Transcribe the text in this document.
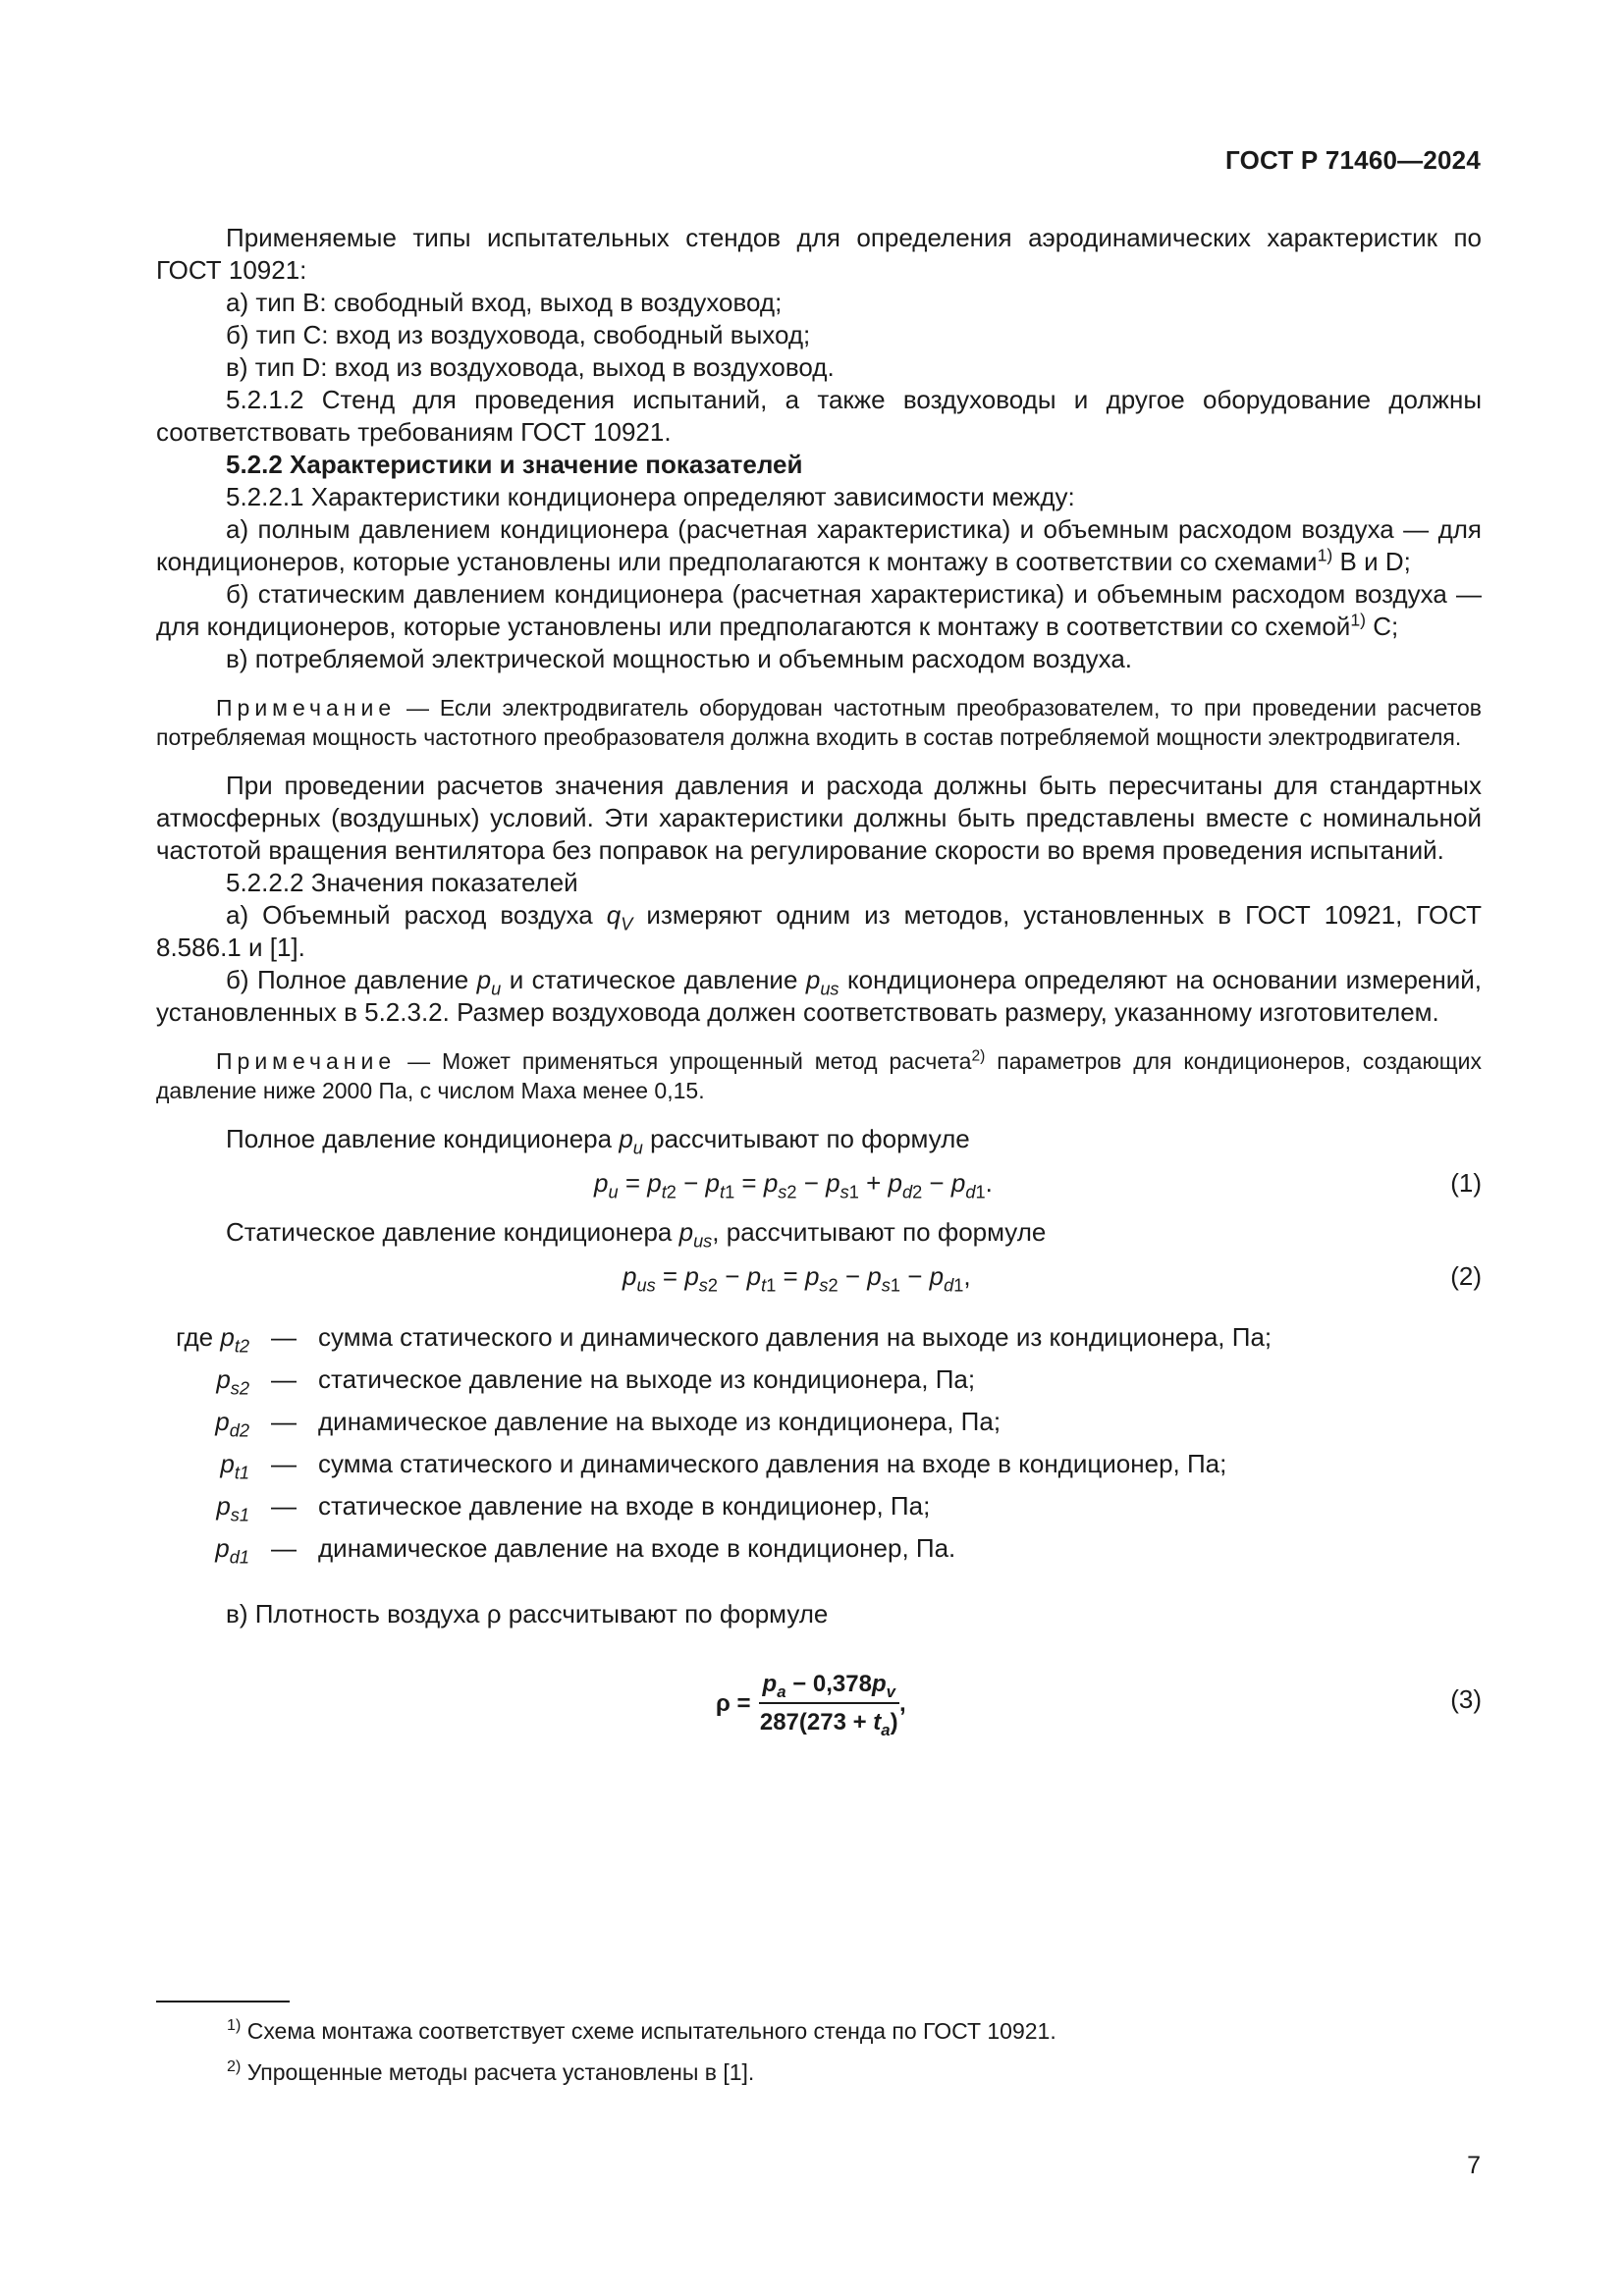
ГОСТ Р 71460—2024

Применяемые типы испытательных стендов для определения аэродинамических характеристик по ГОСТ 10921:

а) тип B: свободный вход, выход в воздуховод;

б) тип C: вход из воздуховода, свободный выход;

в) тип D: вход из воздуховода, выход в воздуховод.

5.2.1.2 Стенд для проведения испытаний, а также воздуховоды и другое оборудование должны соответствовать требованиям ГОСТ 10921.

5.2.2 Характеристики и значение показателей

5.2.2.1 Характеристики кондиционера определяют зависимости между:

а) полным давлением кондиционера (расчетная характеристика) и объемным расходом воздуха — для кондиционеров, которые установлены или предполагаются к монтажу в соответствии со схемами$^{1)}$ B и D;

б) статическим давлением кондиционера (расчетная характеристика) и объемным расходом воздуха — для кондиционеров, которые установлены или предполагаются к монтажу в соответствии со схемой$^{1)}$ C;

в) потребляемой электрической мощностью и объемным расходом воздуха.

Примечание — Если электродвигатель оборудован частотным преобразователем, то при проведении расчетов потребляемая мощность частотного преобразователя должна входить в состав потребляемой мощности электродвигателя.

При проведении расчетов значения давления и расхода должны быть пересчитаны для стандартных атмосферных (воздушных) условий. Эти характеристики должны быть представлены вместе с номинальной частотой вращения вентилятора без поправок на регулирование скорости во время проведения испытаний.

5.2.2.2 Значения показателей

а) Объемный расход воздуха $q_V$ измеряют одним из методов, установленных в ГОСТ 10921, ГОСТ 8.586.1 и [1].

б) Полное давление $p_u$ и статическое давление $p_{us}$ кондиционера определяют на основании измерений, установленных в 5.2.3.2. Размер воздуховода должен соответствовать размеру, указанному изготовителем.

Примечание — Может применяться упрощенный метод расчета$^{2)}$ параметров для кондиционеров, создающих давление ниже 2000 Па, с числом Маха менее 0,15.

Полное давление кондиционера $p_u$ рассчитывают по формуле

$p_u = p_{t2} - p_{t1} = p_{s2} - p_{s1} + p_{d2} - p_{d1}$.	(1)

Статическое давление кондиционера $p_{us}$, рассчитывают по формуле

$p_{us} = p_{s2} - p_{t1} = p_{s2} - p_{s1} - p_{d1}$,	(2)
где $p_{t2}$ — сумма статического и динамического давления на выходе из кондиционера, Па;
$p_{s2}$ — статическое давление на выходе из кондиционера, Па;
$p_{d2}$ — динамическое давление на выходе из кондиционера, Па;
$p_{t1}$ — сумма статического и динамического давления на входе в кондиционер, Па;
$p_{s1}$ — статическое давление на входе в кондиционер, Па;
$p_{d1}$ — динамическое давление на входе в кондиционер, Па.

в) Плотность воздуха ρ рассчитывают по формуле

$\rho = \frac{p_a - 0,378p_v}{287(273 + t_a)}$ ,	(3)
$^{1)}$ Схема монтажа соответствует схеме испытательного стенда по ГОСТ 10921.
$^{2)}$ Упрощенные методы расчета установлены в [1].
7
